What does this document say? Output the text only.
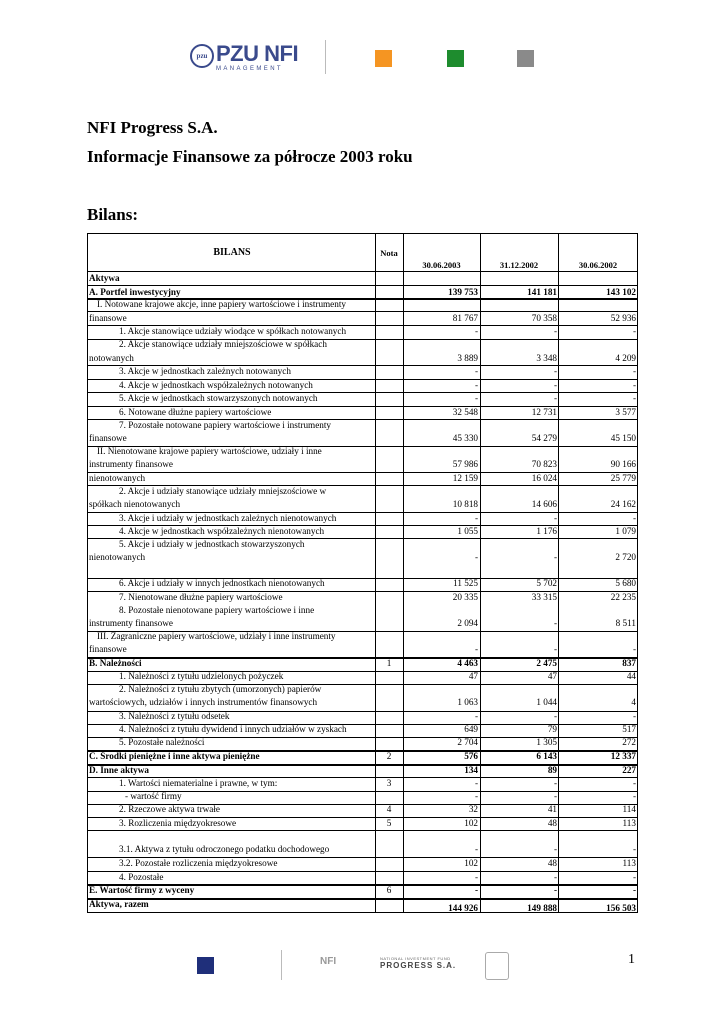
pzu PZU NFI
MANAGEMENT
NFI Progress S.A.
Informacje Finansowe za półrocze 2003 roku
Bilans:
BILANS	Nota
30.06.2003	31.12.2002	30.06.2002
Aktywa
A. Portfel inwestycyjny	139 753	141 181	143 102
I. Notowane krajowe akcje, inne papiery wartościowe i instrumenty
finansowe	81 767	70 358	52 936
1. Akcje stanowiące udziały wiodące w spółkach notowanych	-	-	-
2. Akcje stanowiące udziały mniejszościowe w spółkach
notowanych	3 889	3 348	4 209
3. Akcje w jednostkach zależnych notowanych	-	-	-
4. Akcje w jednostkach współzależnych notowanych	-	-	-
5. Akcje w jednostkach stowarzyszonych notowanych	-	-	-
6. Notowane dłużne papiery wartościowe	32 548	12 731	3 577
7. Pozostałe notowane papiery wartościowe i instrumenty
finansowe	45 330	54 279	45 150
II. Nienotowane krajowe papiery wartościowe, udziały i inne
instrumenty finansowe	57 986	70 823	90 166
nienotowanych	12 159	16 024	25 779
2. Akcje i udziały stanowiące udziały mniejszościowe w
spółkach nienotowanych	10 818	14 606	24 162
3. Akcje i udziały w jednostkach zależnych nienotowanych	-	-	-
4. Akcje w jednostkach współzależnych nienotowanych	1 055	1 176	1 079
5. Akcje i udziały w jednostkach stowarzyszonych
nienotowanych	-	-	2 720
6. Akcje i udziały w innych jednostkach nienotowanych	11 525	5 702	5 680
7. Nienotowane dłużne papiery wartościowe	20 335	33 315	22 235
8. Pozostałe nienotowane papiery wartościowe i inne
instrumenty finansowe	2 094	-	8 511
III. Zagraniczne papiery wartościowe, udziały i inne instrumenty
finansowe	-	-	-
B. Należności	1	4 463	2 475	837
1. Należności z tytułu udzielonych pożyczek	47	47	44
2. Należności z tytułu zbytych (umorzonych) papierów
wartościowych, udziałów i innych instrumentów finansowych	1 063	1 044	4
3. Należności z tytułu odsetek	-	-	-
4. Należności z tytułu dywidend i innych udziałów w zyskach	649	79	517
5. Pozostałe należności	2 704	1 305	272
C. Środki pieniężne i inne aktywa pieniężne	2	576	6 143	12 337
D. Inne aktywa	134	89	227
1. Wartości niematerialne i prawne, w tym:	3	-	-	-
- wartość firmy	-	-	-
2. Rzeczowe aktywa trwałe	4	32	41	114
3. Rozliczenia międzyokresowe	5	102	48	113
3.1. Aktywa z tytułu odroczonego podatku dochodowego	-	-	-
3.2. Pozostałe rozliczenia międzyokresowe	102	48	113
4. Pozostałe	-	-	-
E. Wartość firmy z wyceny	6	-	-	-
Aktywa, razem	144 926	149 888	156 503
NFI	NATIONAL INVESTMENT FUND
PROGRESS S.A.	1
